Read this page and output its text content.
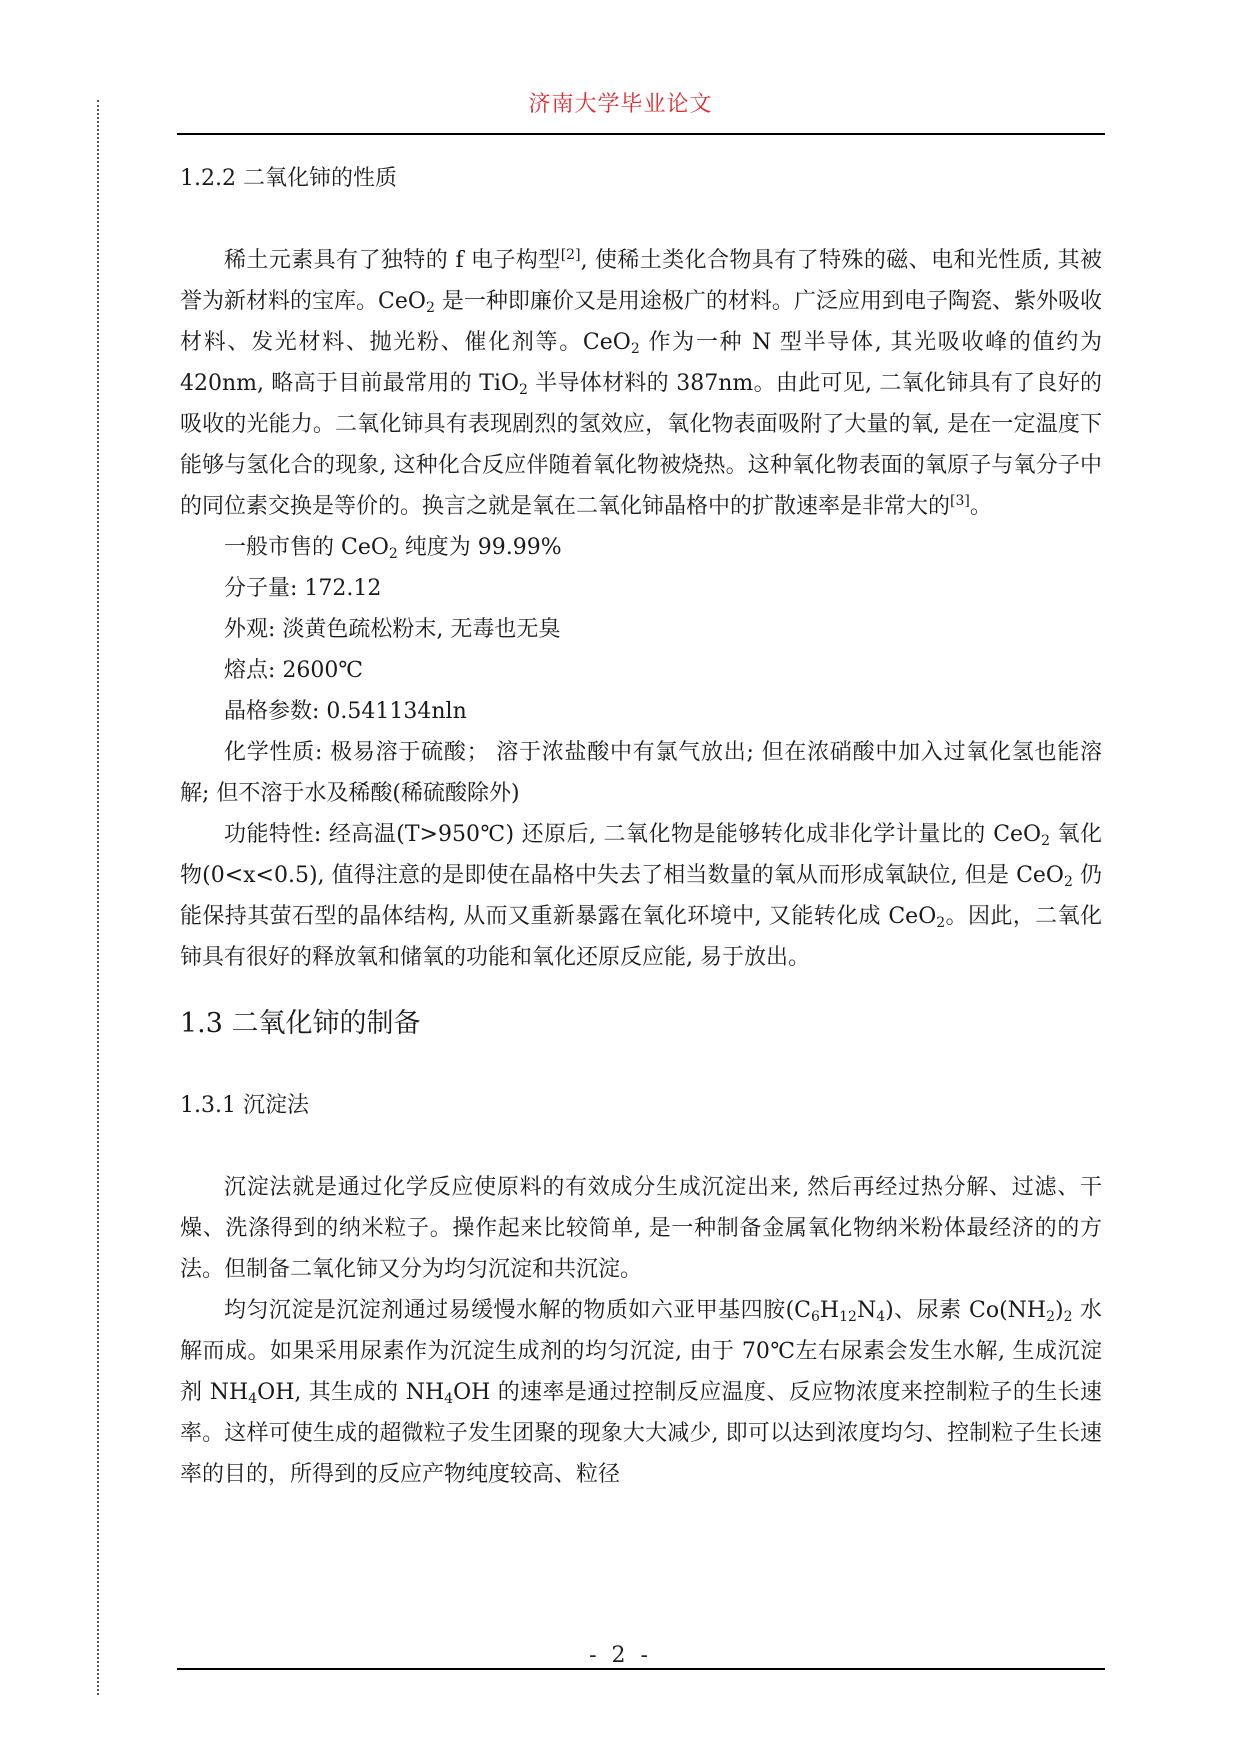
济南大学毕业论文

1.2.2 二氧化铈的性质

稀土元素具有了独特的 f 电子构型[2], 使稀土类化合物具有了特殊的磁、电和光性质, 其被誉为新材料的宝库。CeO$_2$ 是一种即廉价又是用途极广的材料。广泛应用到电子陶瓷、紫外吸收材料、发光材料、抛光粉、催化剂等。CeO$_2$ 作为一种 N 型半导体, 其光吸收峰的值约为 420nm, 略高于目前最常用的 TiO$_2$ 半导体材料的 387nm。由此可见, 二氧化铈具有了良好的吸收的光能力。二氧化铈具有表现剧烈的氢效应，氧化物表面吸附了大量的氧, 是在一定温度下能够与氢化合的现象, 这种化合反应伴随着氧化物被烧热。这种氧化物表面的氧原子与氧分子中的同位素交换是等价的。换言之就是氧在二氧化铈晶格中的扩散速率是非常大的[3]。

一般市售的 CeO$_2$ 纯度为 99.99%

分子量: 172.12

外观: 淡黄色疏松粉末, 无毒也无臭

熔点: 2600℃

晶格参数: 0.541134nln

化学性质: 极易溶于硫酸； 溶于浓盐酸中有氯气放出; 但在浓硝酸中加入过氧化氢也能溶解; 但不溶于水及稀酸(稀硫酸除外)

功能特性: 经高温(T>950℃) 还原后, 二氧化物是能够转化成非化学计量比的 CeO$_2$ 氧化物(0<x<0.5), 值得注意的是即使在晶格中失去了相当数量的氧从而形成氧缺位, 但是 CeO$_2$ 仍能保持其萤石型的晶体结构, 从而又重新暴露在氧化环境中, 又能转化成 CeO$_2$。因此，二氧化铈具有很好的释放氧和储氧的功能和氧化还原反应能, 易于放出。

1.3 二氧化铈的制备

1.3.1 沉淀法

沉淀法就是通过化学反应使原料的有效成分生成沉淀出来, 然后再经过热分解、过滤、干燥、洗涤得到的纳米粒子。操作起来比较简单, 是一种制备金属氧化物纳米粉体最经济的的方法。但制备二氧化铈又分为均匀沉淀和共沉淀。

均匀沉淀是沉淀剂通过易缓慢水解的物质如六亚甲基四胺$(C_6H_{12}N_4)$、尿素 $Co(NH_2)_2$ 水解而成。如果采用尿素作为沉淀生成剂的均匀沉淀, 由于 70℃左右尿素会发生水解, 生成沉淀剂 $NH_4OH$, 其生成的 $NH_4OH$ 的速率是通过控制反应温度、反应物浓度来控制粒子的生长速率。这样可使生成的超微粒子发生团聚的现象大大减少, 即可以达到浓度均匀、控制粒子生长速率的目的，所得到的反应产物纯度较高、粒径

- 2 -
